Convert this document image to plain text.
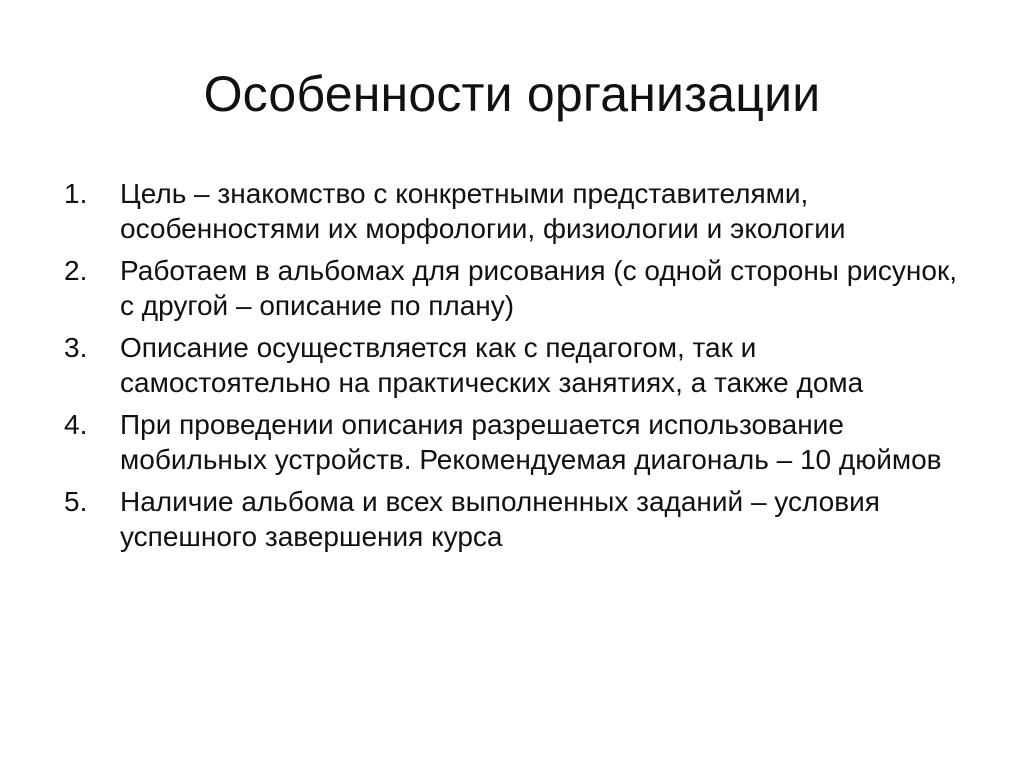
Особенности организации
1.	Цель – знакомство с конкретными представителями, особенностями их морфологии, физиологии и экологии
2.	Работаем в альбомах для рисования (с одной стороны рисунок, с другой – описание по плану)
3.	Описание осуществляется как с педагогом, так и самостоятельно на практических занятиях, а также дома
4.	При проведении описания разрешается использование мобильных устройств. Рекомендуемая диагональ – 10 дюймов
5.	Наличие альбома и всех выполненных заданий – условия успешного завершения курса
